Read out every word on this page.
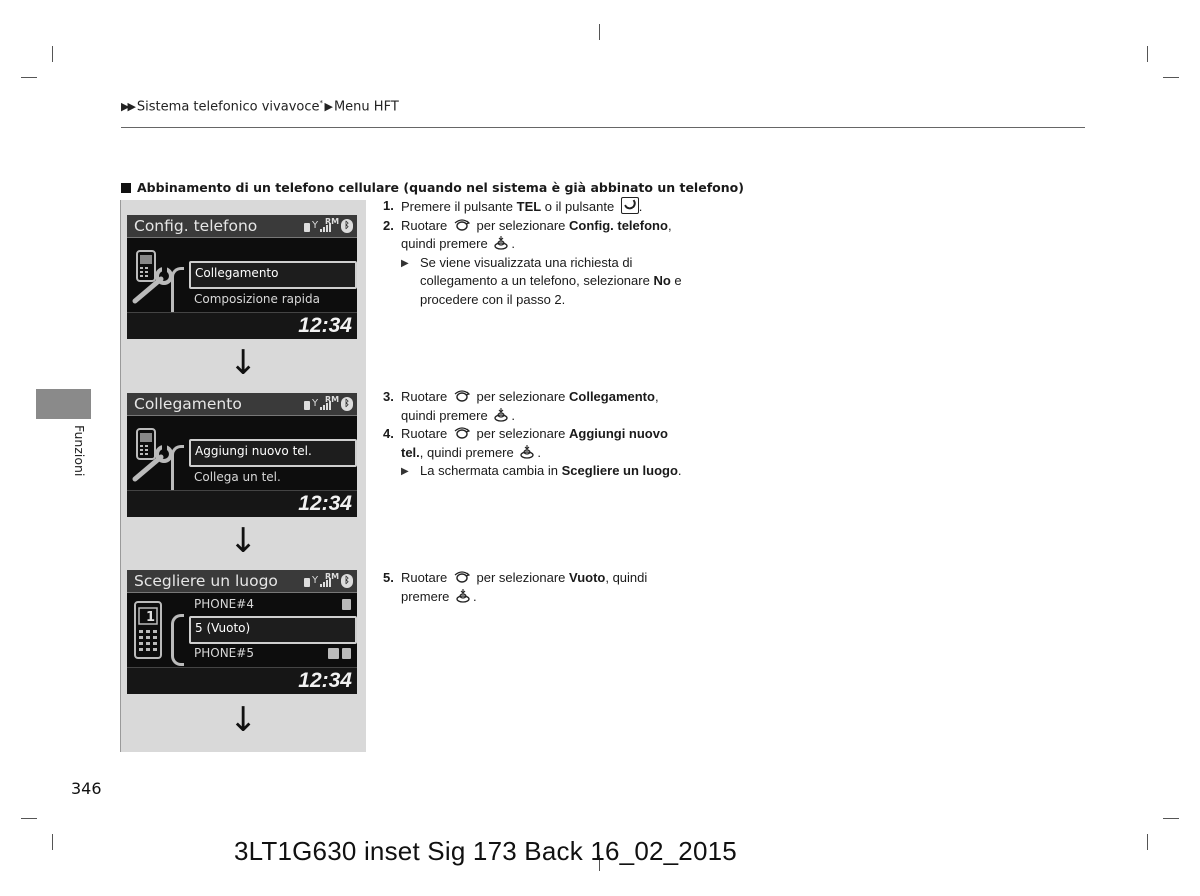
▶▶ Sistema telefonico vivavoce* ▶ Menu HFT
Funzioni
Abbinamento di un telefono cellulare (quando nel sistema è già abbinato un telefono)
Config. telefono	Y RM ᛒ
Collegamento
Composizione rapida
12:34
↓
Collegamento	Y RM ᛒ
Aggiungi nuovo tel.
Collega un tel.
12:34
↓
Scegliere un luogo	Y RM ᛒ
1
PHONE#4
5 (Vuoto)
PHONE#5
12:34
↓
1. Premere il pulsante TEL o il pulsante .
2. Ruotare  per selezionare Config. telefono,
quindi premere .
▶ Se viene visualizzata una richiesta di
collegamento a un telefono, selezionare No e
procedere con il passo 2.
3. Ruotare  per selezionare Collegamento,
quindi premere .
4. Ruotare  per selezionare Aggiungi nuovo
tel., quindi premere .
▶ La schermata cambia in Scegliere un luogo.
5. Ruotare  per selezionare Vuoto, quindi
premere .
346
3LT1G630 inset Sig 173 Back 16_02_2015
